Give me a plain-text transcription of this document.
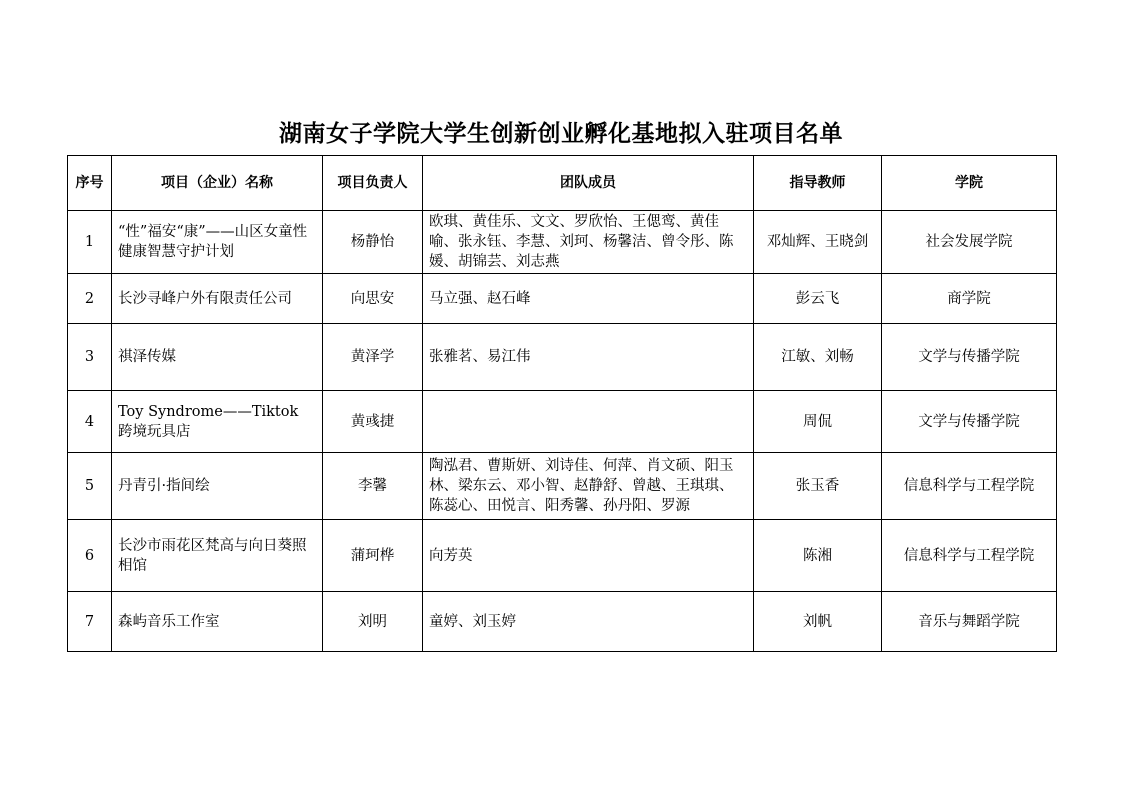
湖南女子学院大学生创新创业孵化基地拟入驻项目名单
序号	项目（企业）名称	项目负责人	团队成员	指导教师	学院
1	“性”福安“康”——山区女童性健康智慧守护计划	杨静怡	欧琪、黄佳乐、文文、罗欣怡、王偲鸾、黄佳喻、张永钰、李慧、刘珂、杨馨洁、曾令彤、陈媛、胡锦芸、刘志燕	邓灿辉、王晓剑	社会发展学院
2	长沙寻峰户外有限责任公司	向思安	马立强、赵石峰	彭云飞	商学院
3	祺泽传媒	黄泽学	张雅茗、易江伟	江敏、刘畅	文学与传播学院
4	Toy Syndrome——Tiktok 跨境玩具店	黄彧捷		周侃	文学与传播学院
5	丹青引·指间绘	李馨	陶泓君、曹斯妍、刘诗佳、何萍、肖文硕、阳玉林、梁东云、邓小智、赵静舒、曾越、王琪琪、陈蕊心、田悦言、阳秀馨、孙丹阳、罗源	张玉香	信息科学与工程学院
6	长沙市雨花区梵高与向日葵照相馆	蒲珂桦	向芳英	陈湘	信息科学与工程学院
7	森屿音乐工作室	刘明	童婷、刘玉婷	刘帆	音乐与舞蹈学院
